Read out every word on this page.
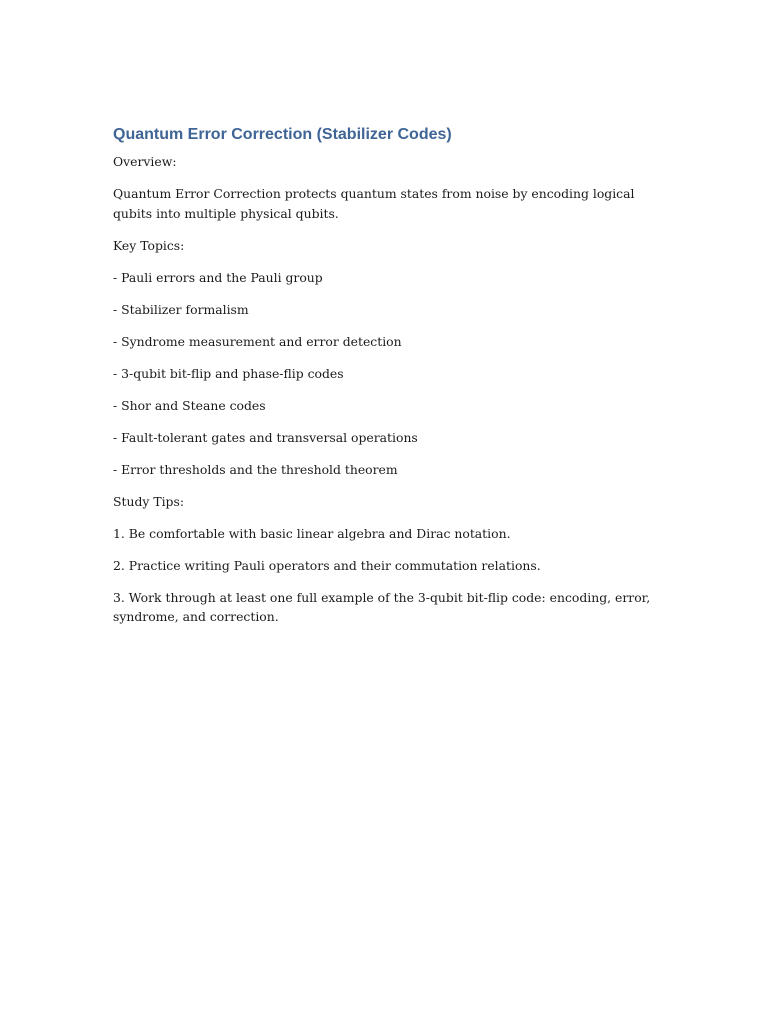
Quantum Error Correction (Stabilizer Codes)

Overview:

Quantum Error Correction protects quantum states from noise by encoding logical qubits into multiple physical qubits.

Key Topics:

- Pauli errors and the Pauli group

- Stabilizer formalism

- Syndrome measurement and error detection

- 3-qubit bit-flip and phase-flip codes

- Shor and Steane codes

- Fault-tolerant gates and transversal operations

- Error thresholds and the threshold theorem

Study Tips:

1. Be comfortable with basic linear algebra and Dirac notation.

2. Practice writing Pauli operators and their commutation relations.

3. Work through at least one full example of the 3-qubit bit-flip code: encoding, error, syndrome, and correction.
